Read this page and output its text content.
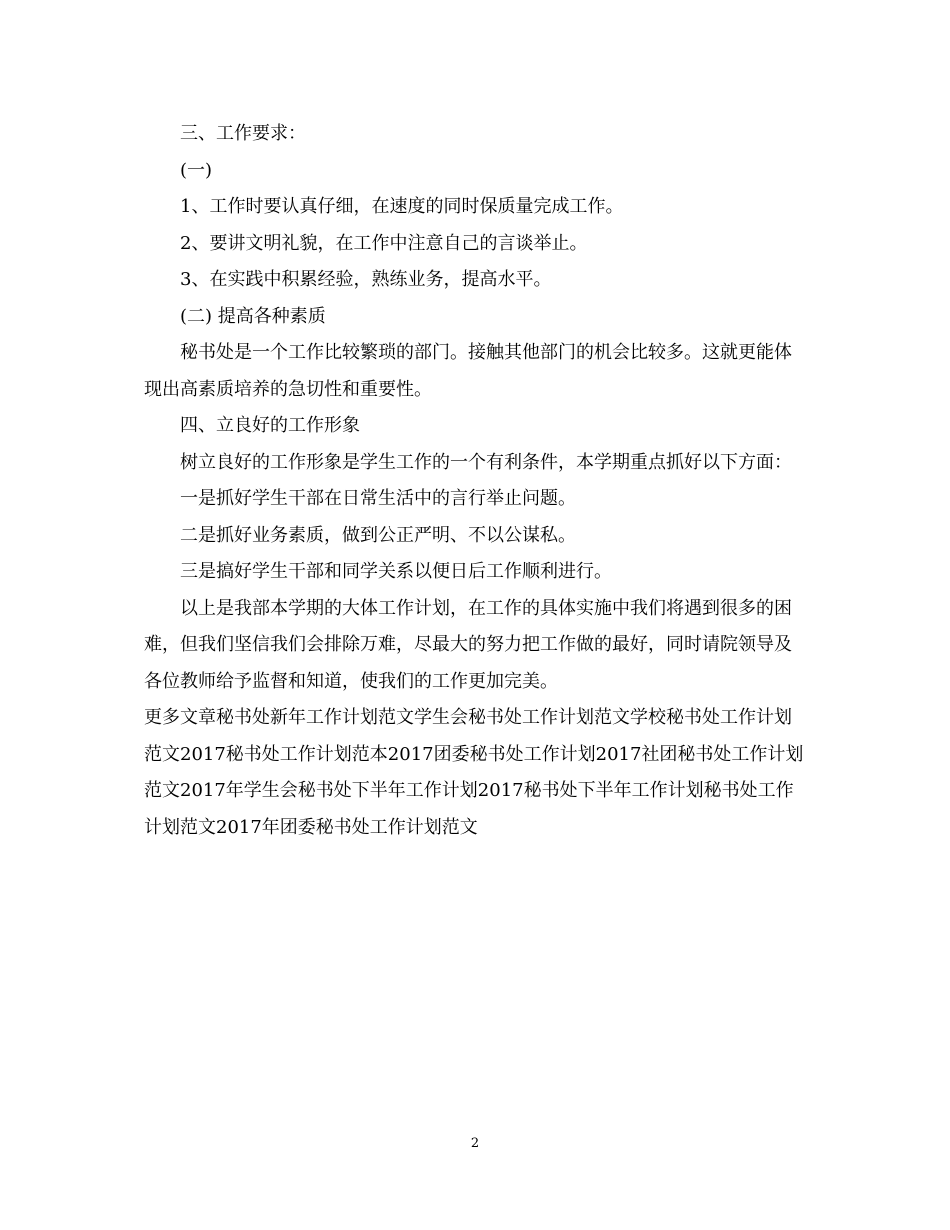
三、工作要求：

(一)

1、工作时要认真仔细，在速度的同时保质量完成工作。

2、要讲文明礼貌，在工作中注意自己的言谈举止。

3、在实践中积累经验，熟练业务，提高水平。

(二) 提高各种素质

秘书处是一个工作比较繁琐的部门。接触其他部门的机会比较多。这就更能体现出高素质培养的急切性和重要性。

四、立良好的工作形象

树立良好的工作形象是学生工作的一个有利条件，本学期重点抓好以下方面：

一是抓好学生干部在日常生活中的言行举止问题。

二是抓好业务素质，做到公正严明、不以公谋私。

三是搞好学生干部和同学关系以便日后工作顺利进行。

以上是我部本学期的大体工作计划，在工作的具体实施中我们将遇到很多的困难，但我们坚信我们会排除万难，尽最大的努力把工作做的最好，同时请院领导及各位教师给予监督和知道，使我们的工作更加完美。

更多文章秘书处新年工作计划范文学生会秘书处工作计划范文学校秘书处工作计划范文2017秘书处工作计划范本2017团委秘书处工作计划2017社团秘书处工作计划范文2017年学生会秘书处下半年工作计划2017秘书处下半年工作计划秘书处工作计划范文2017年团委秘书处工作计划范文

2
